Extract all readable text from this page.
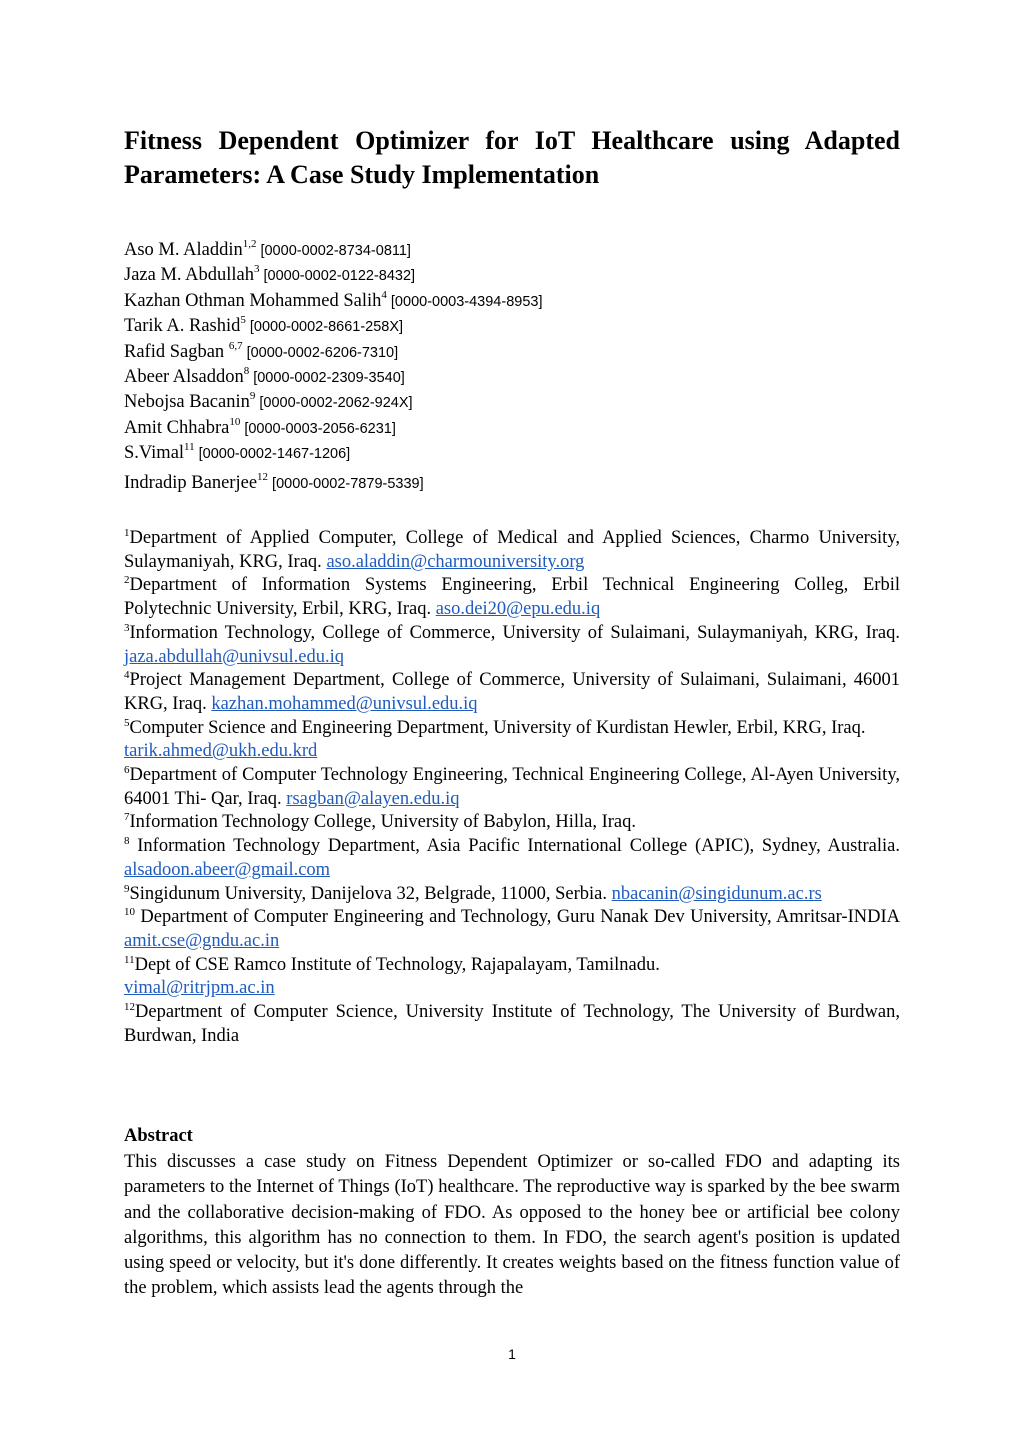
Fitness Dependent Optimizer for IoT Healthcare using Adapted Parameters: A Case Study Implementation
Aso M. Aladdin$^{1,2}$ [0000-0002-8734-0811]
Jaza M. Abdullah$^3$ [0000-0002-0122-8432]
Kazhan Othman Mohammed Salih$^4$ [0000-0003-4394-8953]
Tarik A. Rashid$^5$ [0000-0002-8661-258X]
Rafid Sagban $^{6,7}$ [0000-0002-6206-7310]
Abeer Alsaddon$^8$ [0000-0002-2309-3540]
Nebojsa Bacanin$^9$ [0000-0002-2062-924X]
Amit Chhabra$^{10}$ [0000-0003-2056-6231]
S.Vimal$^{11}$ [0000-0002-1467-1206]
Indradip Banerjee$^{12}$ [0000-0002-7879-5339]
$^1$Department of Applied Computer, College of Medical and Applied Sciences, Charmo University, Sulaymaniyah, KRG, Iraq. aso.aladdin@charmouniversity.org
$^2$Department of Information Systems Engineering, Erbil Technical Engineering Colleg, Erbil Polytechnic University, Erbil, KRG, Iraq. aso.dei20@epu.edu.iq
$^3$Information Technology, College of Commerce, University of Sulaimani, Sulaymaniyah, KRG, Iraq. jaza.abdullah@univsul.edu.iq
$^4$Project Management Department, College of Commerce, University of Sulaimani, Sulaimani, 46001 KRG, Iraq. kazhan.mohammed@univsul.edu.iq
$^5$Computer Science and Engineering Department, University of Kurdistan Hewler, Erbil, KRG, Iraq.
tarik.ahmed@ukh.edu.krd
$^6$Department of Computer Technology Engineering, Technical Engineering College, Al-Ayen University, 64001 Thi- Qar, Iraq. rsagban@alayen.edu.iq
$^7$Information Technology College, University of Babylon, Hilla, Iraq.
$^8$ Information Technology Department, Asia Pacific International College (APIC), Sydney, Australia. alsadoon.abeer@gmail.com
$^9$Singidunum University, Danijelova 32, Belgrade, 11000, Serbia. nbacanin@singidunum.ac.rs
$^{10}$ Department of Computer Engineering and Technology, Guru Nanak Dev University, Amritsar-INDIA amit.cse@gndu.ac.in
$^{11}$Dept of CSE Ramco Institute of Technology, Rajapalayam, Tamilnadu.
vimal@ritrjpm.ac.in
$^{12}$Department of Computer Science, University Institute of Technology, The University of Burdwan, Burdwan, India
Abstract
This discusses a case study on Fitness Dependent Optimizer or so-called FDO and adapting its parameters to the Internet of Things (IoT) healthcare. The reproductive way is sparked by the bee swarm and the collaborative decision-making of FDO. As opposed to the honey bee or artificial bee colony algorithms, this algorithm has no connection to them. In FDO, the search agent's position is updated using speed or velocity, but it's done differently. It creates weights based on the fitness function value of the problem, which assists lead the agents through the
1
